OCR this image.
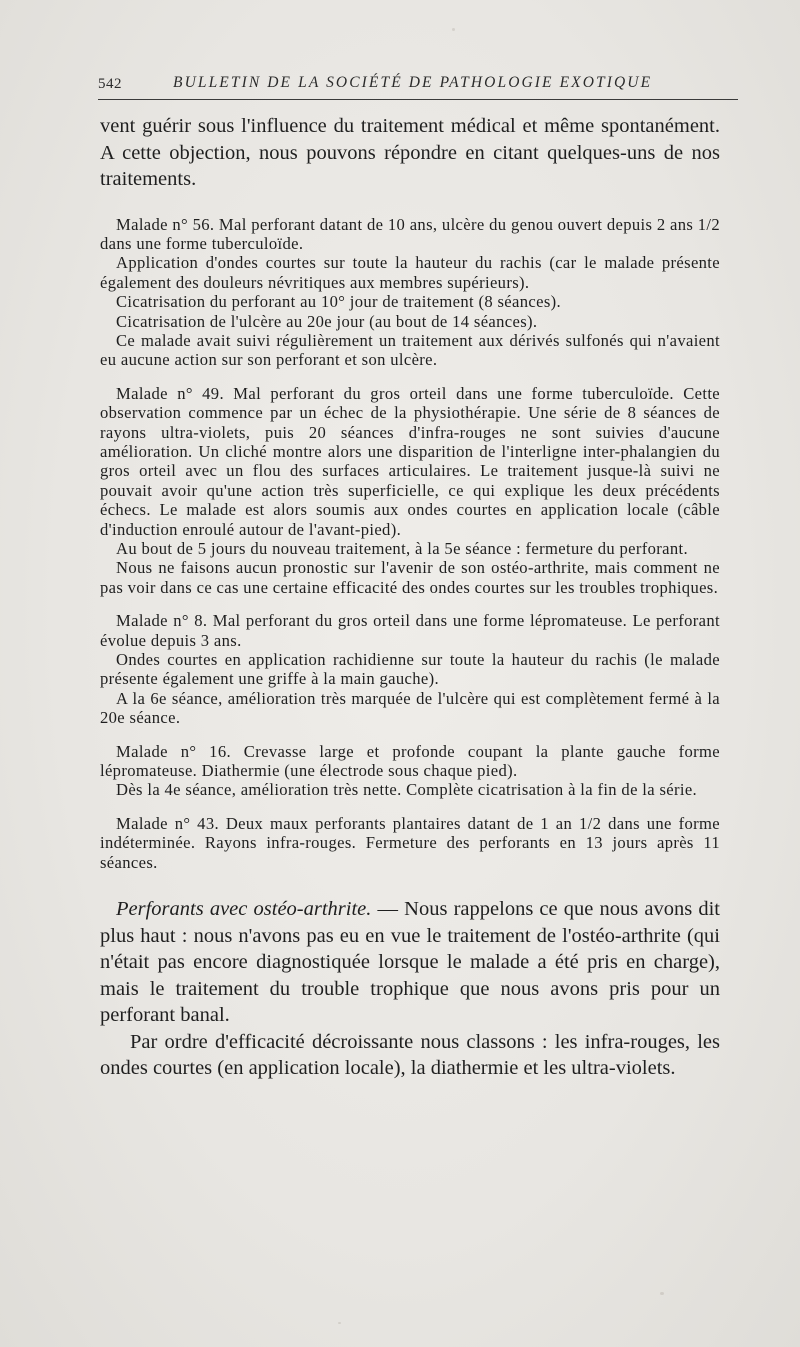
542	BULLETIN DE LA SOCIÉTÉ DE PATHOLOGIE EXOTIQUE

vent guérir sous l'influence du traitement médical et même spontanément. A cette objection, nous pouvons répondre en citant quelques-uns de nos traitements.

Malade n° 56. Mal perforant datant de 10 ans, ulcère du genou ouvert depuis 2 ans 1/2 dans une forme tuberculoïde.

Application d'ondes courtes sur toute la hauteur du rachis (car le malade présente également des douleurs névritiques aux membres supérieurs).

Cicatrisation du perforant au 10° jour de traitement (8 séances).

Cicatrisation de l'ulcère au 20e jour (au bout de 14 séances).

Ce malade avait suivi régulièrement un traitement aux dérivés sulfonés qui n'avaient eu aucune action sur son perforant et son ulcère.

Malade n° 49. Mal perforant du gros orteil dans une forme tuberculoïde. Cette observation commence par un échec de la physiothérapie. Une série de 8 séances de rayons ultra-violets, puis 20 séances d'infra-rouges ne sont suivies d'aucune amélioration. Un cliché montre alors une disparition de l'interligne inter-phalangien du gros orteil avec un flou des surfaces articulaires. Le traitement jusque-là suivi ne pouvait avoir qu'une action très superficielle, ce qui explique les deux précédents échecs. Le malade est alors soumis aux ondes courtes en application locale (câble d'induction enroulé autour de l'avant-pied).

Au bout de 5 jours du nouveau traitement, à la 5e séance : fermeture du perforant.

Nous ne faisons aucun pronostic sur l'avenir de son ostéo-arthrite, mais comment ne pas voir dans ce cas une certaine efficacité des ondes courtes sur les troubles trophiques.

Malade n° 8. Mal perforant du gros orteil dans une forme lépromateuse. Le perforant évolue depuis 3 ans.

Ondes courtes en application rachidienne sur toute la hauteur du rachis (le malade présente également une griffe à la main gauche).

A la 6e séance, amélioration très marquée de l'ulcère qui est complètement fermé à la 20e séance.

Malade n° 16. Crevasse large et profonde coupant la plante gauche forme lépromateuse. Diathermie (une électrode sous chaque pied).

Dès la 4e séance, amélioration très nette. Complète cicatrisation à la fin de la série.

Malade n° 43. Deux maux perforants plantaires datant de 1 an 1/2 dans une forme indéterminée. Rayons infra-rouges. Fermeture des perforants en 13 jours après 11 séances.

Perforants avec ostéo-arthrite. — Nous rappelons ce que nous avons dit plus haut : nous n'avons pas eu en vue le traitement de l'ostéo-arthrite (qui n'était pas encore diagnostiquée lorsque le malade a été pris en charge), mais le traitement du trouble trophique que nous avons pris pour un perforant banal.

Par ordre d'efficacité décroissante nous classons : les infra-rouges, les ondes courtes (en application locale), la diathermie et les ultra-violets.
